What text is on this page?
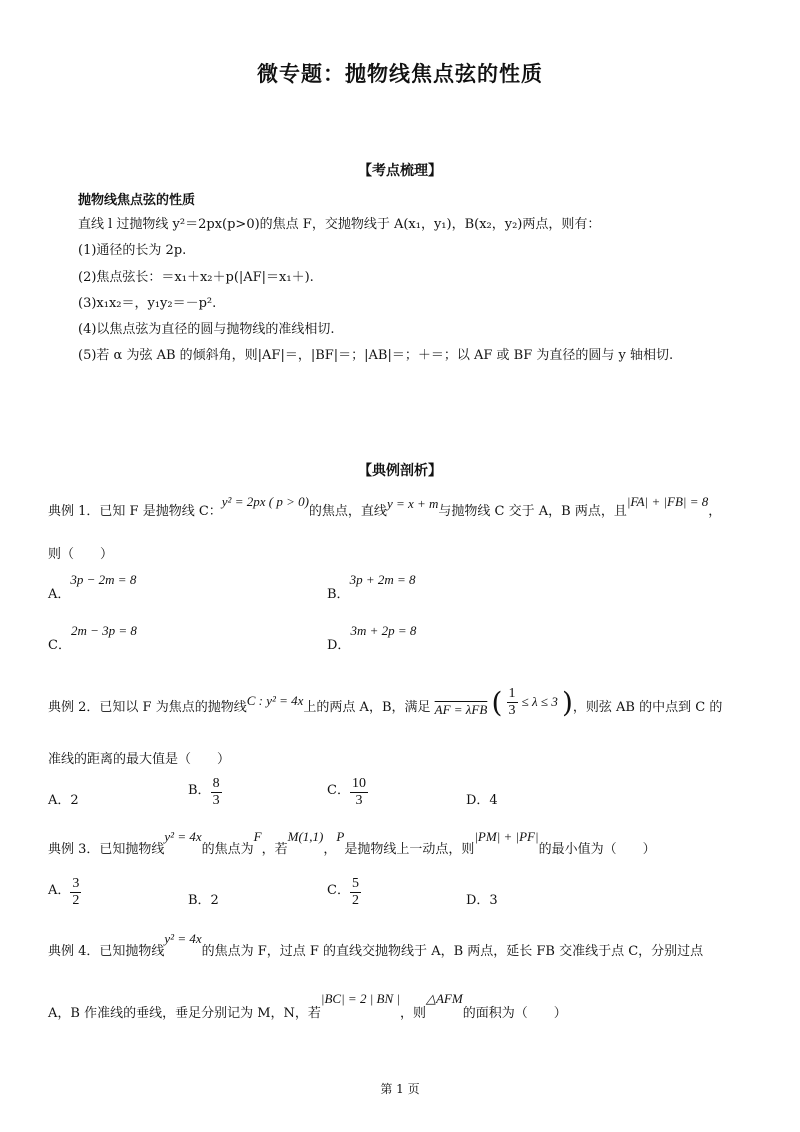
微专题：抛物线焦点弦的性质
【考点梳理】
抛物线焦点弦的性质
直线 l 过抛物线 y²＝2px(p>0)的焦点 F，交抛物线于 A(x₁，y₁)，B(x₂，y₂)两点，则有：
(1)通径的长为 2p.
(2)焦点弦长：＝x₁＋x₂＋p(|AF|＝x₁＋).
(3)x₁x₂＝，y₁y₂＝－p².
(4)以焦点弦为直径的圆与抛物线的准线相切.
(5)若 α 为弦 AB 的倾斜角，则|AF|＝，|BF|＝；|AB|＝；＋＝；以 AF 或 BF 为直径的圆与 y 轴相切.
【典例剖析】
典例 1．已知 F 是抛物线 C：y² = 2px ( p > 0)的焦点，直线y = x + m与抛物线 C 交于 A，B 两点，且|FA| + |FB| = 8，
则（　　）
A．3p − 2m = 8
B．3p + 2m = 8
C．2m − 3p = 8
D．3m + 2p = 8
典例 2．已知以 F 为焦点的抛物线C : y² = 4x上的两点 A，B，满足 AF = λFB ( $\frac{1}{3} \le \lambda \le 3$ )，则弦 AB 的中点到 C 的
准线的距离的最大值是（　　）
A．2
B． $\frac{8}{3}$	C． $\frac{10}{3}$	D．4
典例 3．已知抛物线y² = 4x的焦点为F，若M(1,1)，P是抛物线上一动点，则|PM| + |PF|的最小值为（　　）
A． $\frac{3}{2}$	B．2
C． $\frac{5}{2}$	D．3
典例 4．已知抛物线y² = 4x的焦点为 F，过点 F 的直线交抛物线于 A，B 两点，延长 FB 交准线于点 C，分别过点
A，B 作准线的垂线，垂足分别记为 M，N，若|BC| = 2 | BN |，则△AFM的面积为（　　）
第 1 页
